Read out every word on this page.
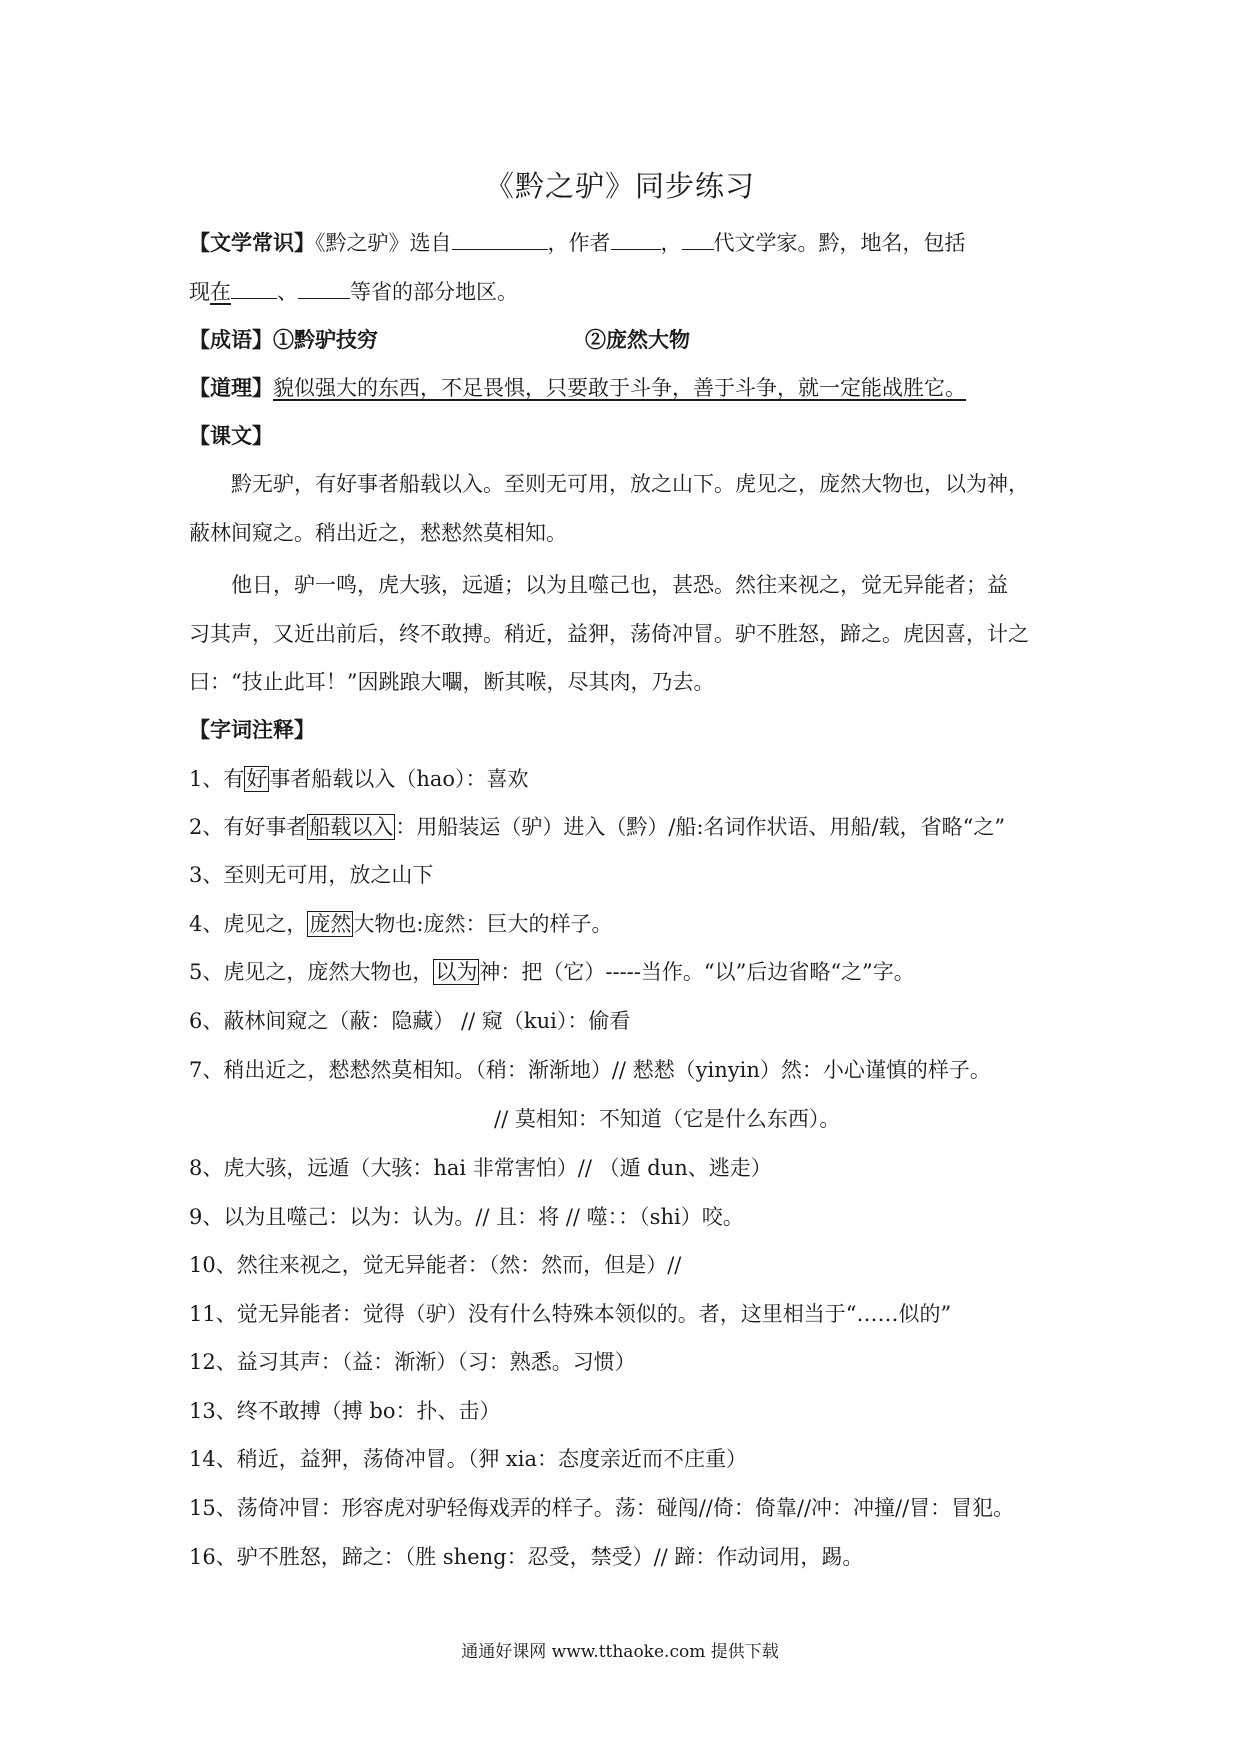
《黔之驴》同步练习
【文学常识】《黔之驴》选自	，作者 ， 代文学家。黔，地名，包括
现在 、 等省的部分地区。
【成语】①黔驴技穷	②庞然大物
【道理】貌似强大的东西，不足畏惧，只要敢于斗争，善于斗争，就一定能战胜它。
【课文】
黔无驴，有好事者船载以入。至则无可用，放之山下。虎见之，庞然大物也，以为神，
蔽林间窥之。稍出近之，慭慭然莫相知。
他日，驴一鸣，虎大骇，远遁；以为且噬己也，甚恐。然往来视之，觉无异能者；益
习其声，又近出前后，终不敢搏。稍近，益狎，荡倚冲冒。驴不胜怒，蹄之。虎因喜，计之
曰：“技止此耳！”因跳踉大㘚，断其喉，尽其肉，乃去。
【字词注释】
1、有好事者船载以入（hao）：喜欢
2、有好事者船载以入：用船装运（驴）进入（黔）/船:名词作状语、用船/载，省略“之”
3、至则无可用，放之山下
4、虎见之，庞然大物也:庞然：巨大的样子。
5、虎见之，庞然大物也，以为神：把（它）-----当作。“以”后边省略“之”字。
6、蔽林间窥之（蔽：隐藏） // 窥（kui）：偷看
7、稍出近之，慭慭然莫相知。（稍：渐渐地）// 慭慭（yinyin）然：小心谨慎的样子。
// 莫相知：不知道（它是什么东西）。
8、虎大骇，远遁（大骇：hai 非常害怕）// （遁 dun、逃走）
9、以为且噬己：以为：认为。// 且：将 // 噬：：（shi）咬。
10、然往来视之，觉无异能者：（然：然而，但是）//
11、觉无异能者：觉得（驴）没有什么特殊本领似的。者，这里相当于“……似的”
12、益习其声：（益：渐渐）（习：熟悉。习惯）
13、终不敢搏（搏 bo：扑、击）
14、稍近，益狎，荡倚冲冒。（狎 xia：态度亲近而不庄重）
15、荡倚冲冒：形容虎对驴轻侮戏弄的样子。荡：碰闯//倚：倚靠//冲：冲撞//冒：冒犯。
16、驴不胜怒，蹄之：（胜 sheng：忍受，禁受）// 蹄：作动词用，踢。
通通好课网 www.tthaoke.com 提供下载
